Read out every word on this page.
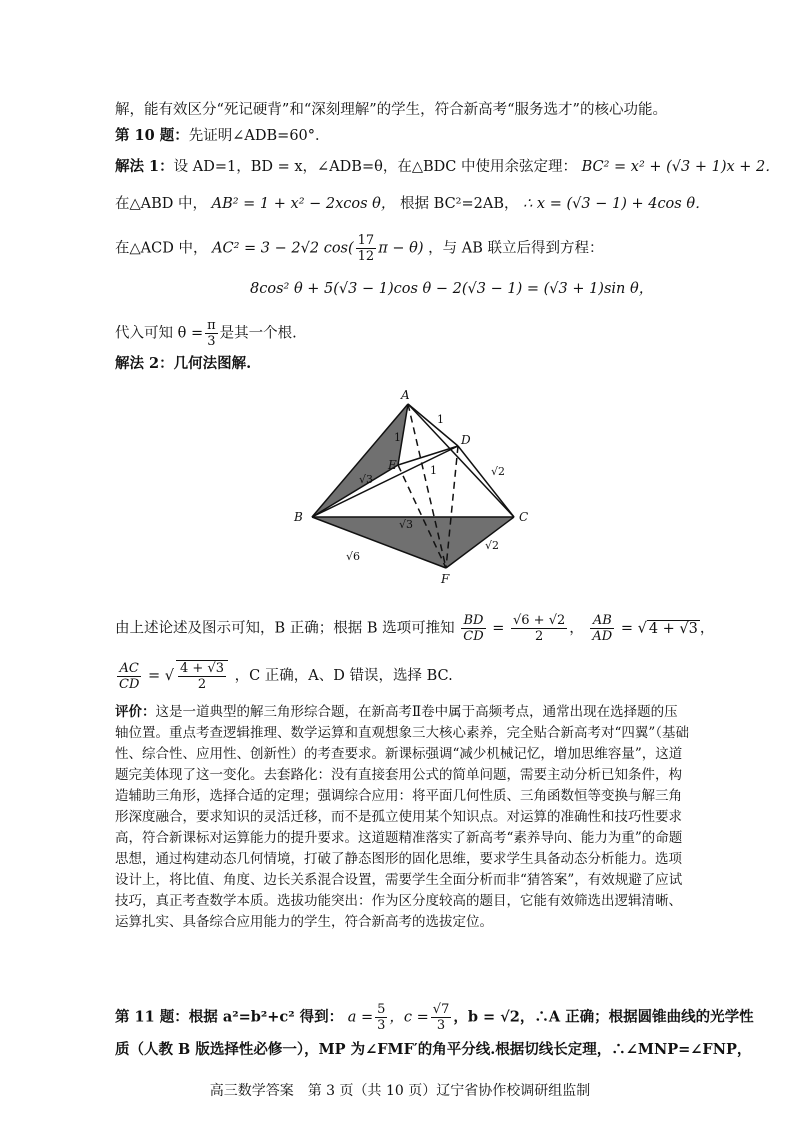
解，能有效区分“死记硬背”和“深刻理解”的学生，符合新高考“服务选才”的核心功能。
第 10 题：先证明∠ADB=60°．
解法 1：设 AD=1，BD = x，∠ADB=θ，在△BDC 中使用余弦定理： BC² = x² + (√3 + 1)x + 2．
在△ABD 中， AB² = 1 + x² − 2xcos θ， 根据 BC²=2AB， ∴ x = (√3 − 1) + 4cos θ．
在△ACD 中， AC² = 3 − 2√2 $\cos( \frac{17}{12}$ π − θ) ，与 AB 联立后得到方程：
8cos² θ + 5(√3 − 1)cos θ − 2(√3 − 1) = (√3 + 1)sin θ，
代入可知 $\theta = \frac{\pi}{3}$ 是其一个根.
解法 2：几何法图解.
A
B	C
D
E
F
1
1
1
√3
√3
√2
√2
√6
由上述论述及图示可知，B 正确；根据 B 选项可推知 $\frac{BD}{CD} = \frac{√6 + √2}{2}$ ， $\frac{AB}{AD}$ = √ 4 + √3 ，
$\frac{AC}{CD}$ = √ $\frac{4 + √3}{2}$ ，C 正确，A、D 错误，选择 BC.
评价：这是一道典型的解三角形综合题，在新高考Ⅱ卷中属于高频考点，通常出现在选择题的压轴位置。重点考查逻辑推理、数学运算和直观想象三大核心素养，完全贴合新高考对“四翼”（基础性、综合性、应用性、创新性）的考查要求。新课标强调“减少机械记忆，增加思维容量”，这道题完美体现了这一变化。去套路化：没有直接套用公式的简单问题，需要主动分析已知条件，构造辅助三角形，选择合适的定理；强调综合应用：将平面几何性质、三角函数恒等变换与解三角形深度融合，要求知识的灵活迁移，而不是孤立使用某个知识点。对运算的准确性和技巧性要求高，符合新课标对运算能力的提升要求。这道题精准落实了新高考“素养导向、能力为重”的命题思想，通过构建动态几何情境，打破了静态图形的固化思维，要求学生具备动态分析能力。选项设计上，将比值、角度、边长关系混合设置，需要学生全面分析而非“猜答案”，有效规避了应试技巧，真正考查数学本质。选拔功能突出：作为区分度较高的题目，它能有效筛选出逻辑清晰、运算扎实、具备综合应用能力的学生，符合新高考的选拔定位。
第 11 题：根据 a²=b²+c² 得到： $a = \frac{5}{3}$ ，$c = \frac{√7}{3}$ ，b = √2，∴A 正确；根据圆锥曲线的光学性
质（人教 B 版选择性必修一），MP 为∠FMF′的角平分线.根据切线长定理，∴∠MNP=∠FNP，
高三数学答案　第 3 页（共 10 页）辽宁省协作校调研组监制
